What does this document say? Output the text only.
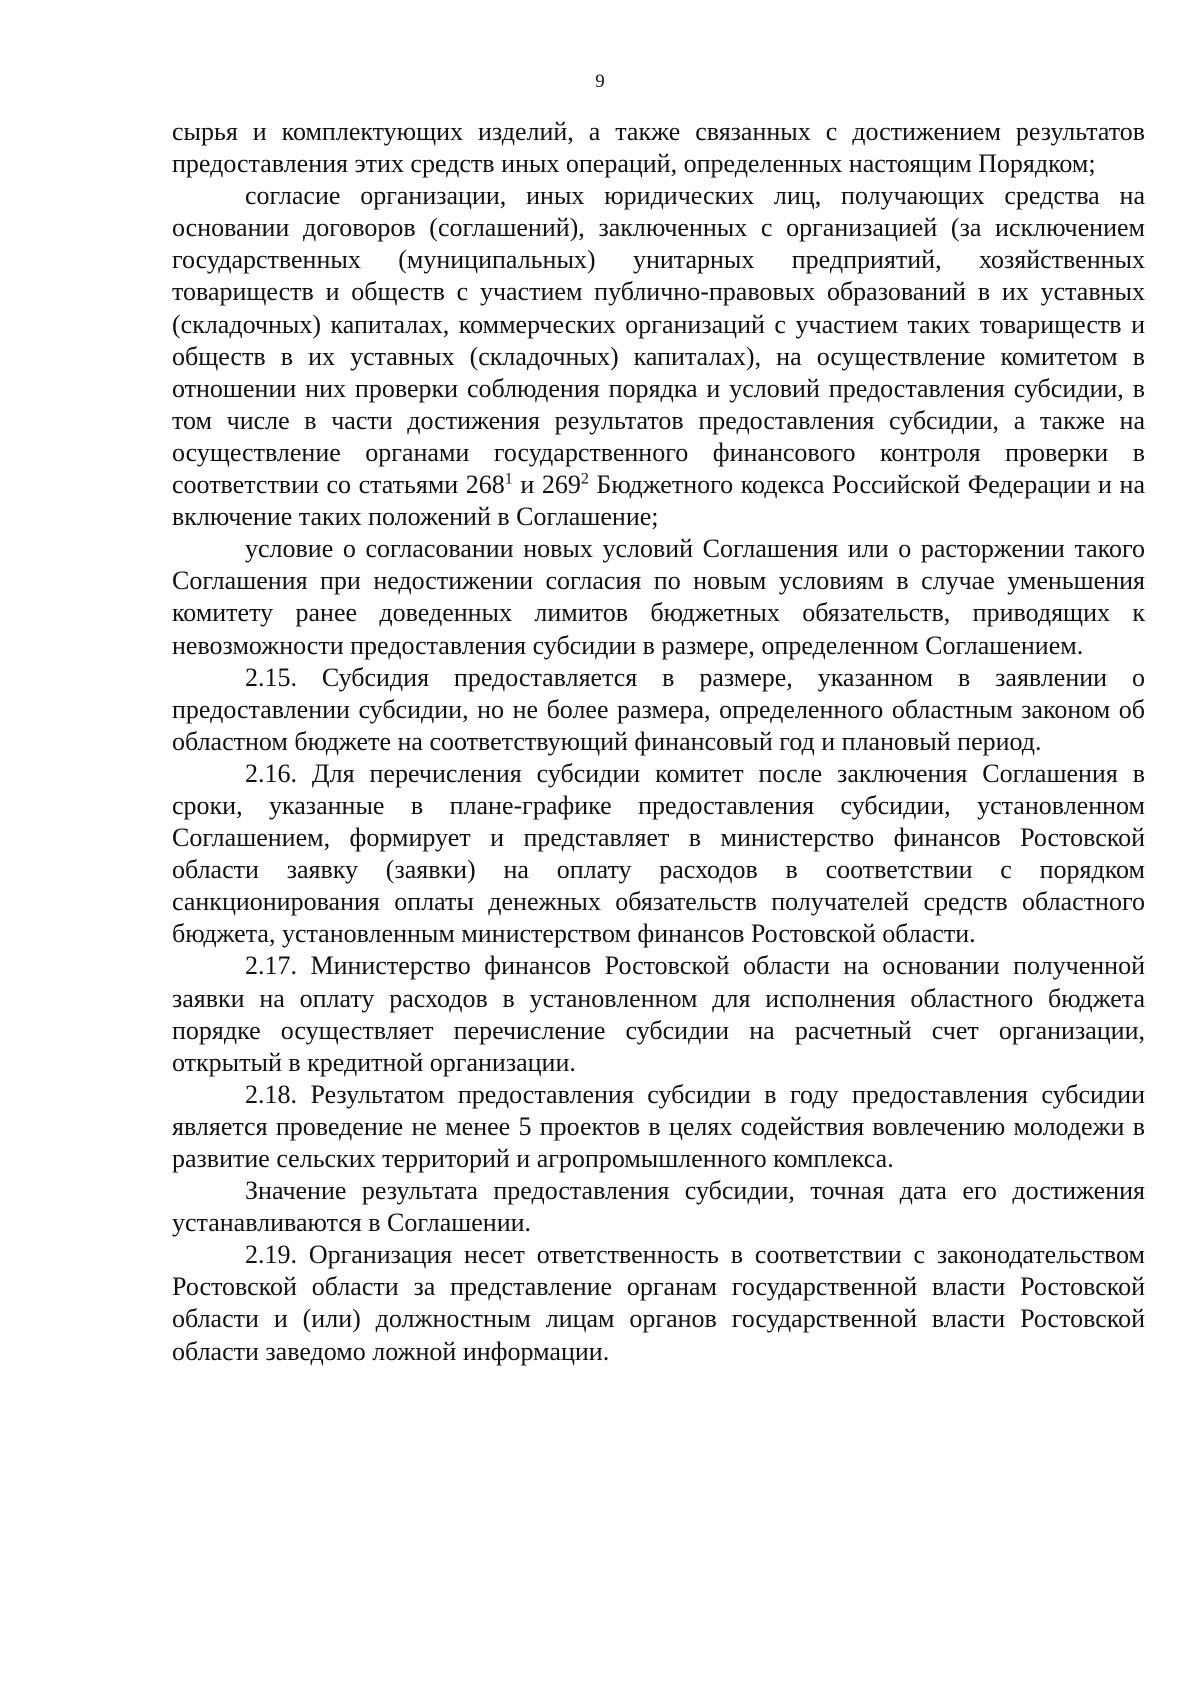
9

сырья и комплектующих изделий, а также связанных с достижением результатов предоставления этих средств иных операций, определенных настоящим Порядком;

согласие организации, иных юридических лиц, получающих средства на основании договоров (соглашений), заключенных с организацией (за исключением государственных (муниципальных) унитарных предприятий, хозяйственных товариществ и обществ с участием публично-правовых образований в их уставных (складочных) капиталах, коммерческих организаций с участием таких товариществ и обществ в их уставных (складочных) капиталах), на осуществление комитетом в отношении них проверки соблюдения порядка и условий предоставления субсидии, в том числе в части достижения результатов предоставления субсидии, а также на осуществление органами государственного финансового контроля проверки в соответствии со статьями $268^1$ и $269^2$ Бюджетного кодекса Российской Федерации и на включение таких положений в Соглашение;

условие о согласовании новых условий Соглашения или о расторжении такого Соглашения при недостижении согласия по новым условиям в случае уменьшения комитету ранее доведенных лимитов бюджетных обязательств, приводящих к невозможности предоставления субсидии в размере, определенном Соглашением.

2.15. Субсидия предоставляется в размере, указанном в заявлении о предоставлении субсидии, но не более размера, определенного областным законом об областном бюджете на соответствующий финансовый год и плановый период.

2.16. Для перечисления субсидии комитет после заключения Соглашения в сроки, указанные в плане-графике предоставления субсидии, установленном Соглашением, формирует и представляет в министерство финансов Ростовской области заявку (заявки) на оплату расходов в соответствии с порядком санкционирования оплаты денежных обязательств получателей средств областного бюджета, установленным министерством финансов Ростовской области.

2.17. Министерство финансов Ростовской области на основании полученной заявки на оплату расходов в установленном для исполнения областного бюджета порядке осуществляет перечисление субсидии на расчетный счет организации, открытый в кредитной организации.

2.18. Результатом предоставления субсидии в году предоставления субсидии является проведение не менее 5 проектов в целях содействия вовлечению молодежи в развитие сельских территорий и агропромышленного комплекса.

Значение результата предоставления субсидии, точная дата его достижения устанавливаются в Соглашении.

2.19. Организация несет ответственность в соответствии с законодательством Ростовской области за представление органам государственной власти Ростовской области и (или) должностным лицам органов государственной власти Ростовской области заведомо ложной информации.
